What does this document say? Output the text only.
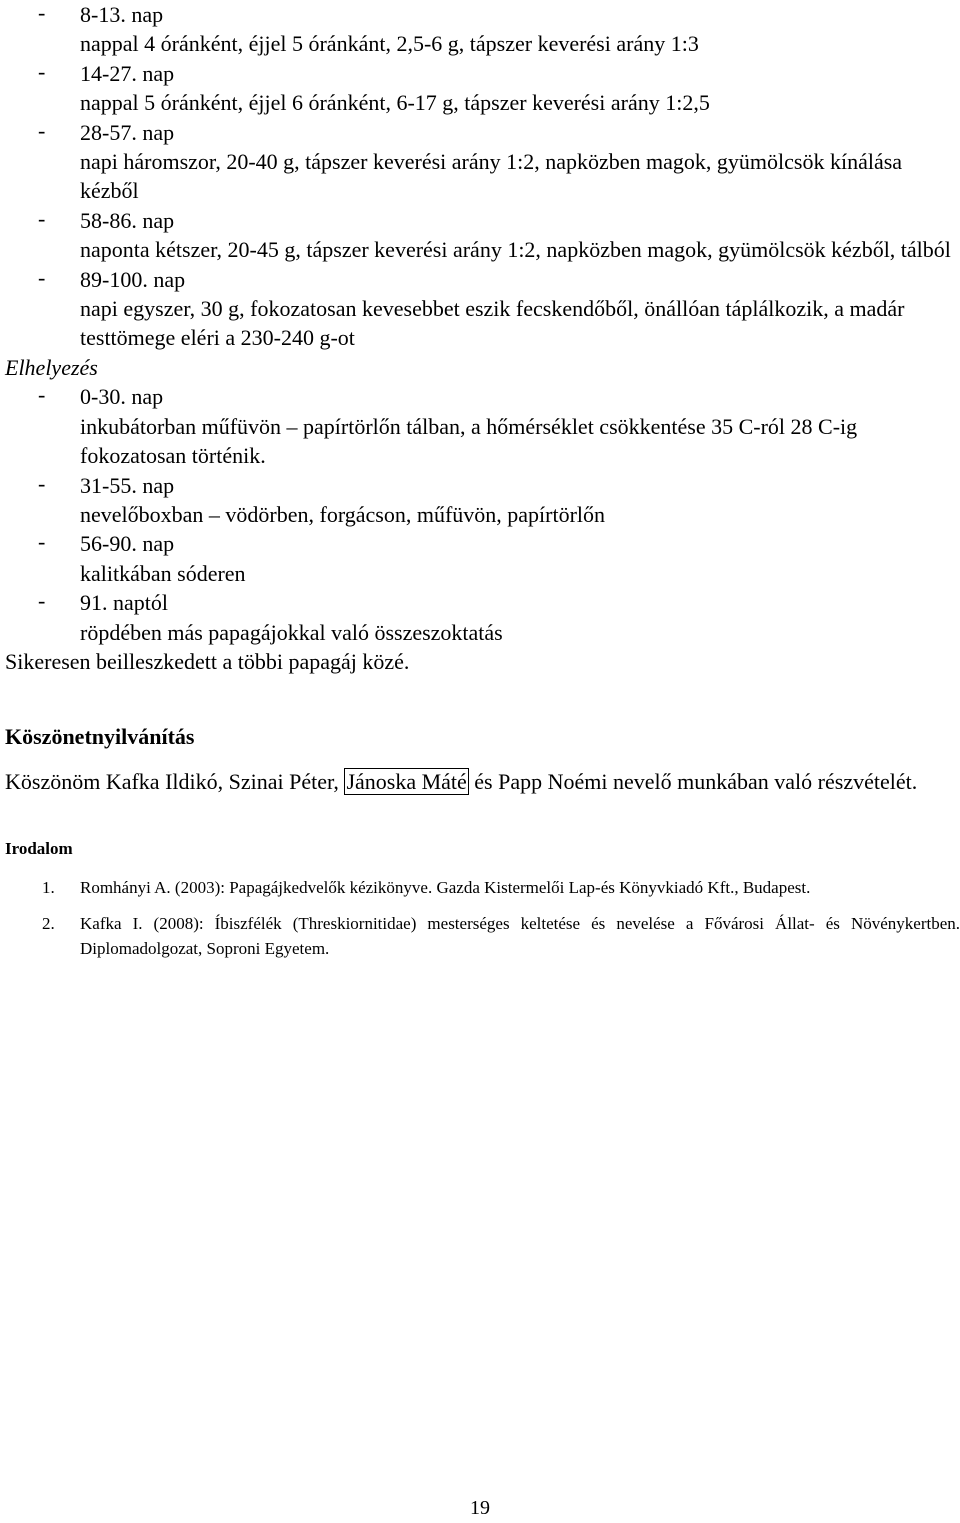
-	8-13. nap
nappal 4 óránként, éjjel 5 óránkánt, 2,5-6 g, tápszer keverési arány 1:3
-	14-27. nap
nappal 5 óránként, éjjel 6 óránként, 6-17 g, tápszer keverési arány 1:2,5
-	28-57. nap
napi háromszor, 20-40 g, tápszer keverési arány 1:2, napközben magok, gyümölcsök kínálása kézből
-	58-86. nap
naponta kétszer, 20-45 g, tápszer keverési arány 1:2, napközben magok, gyümölcsök kézből, tálból
-	89-100. nap
napi egyszer, 30 g, fokozatosan kevesebbet eszik fecskendőből, önállóan táplálkozik, a madár testtömege eléri a 230-240 g-ot
Elhelyezés
-	0-30. nap
inkubátorban műfüvön – papírtörlőn tálban, a hőmérséklet csökkentése 35 C-ról 28 C-ig fokozatosan történik.
-	31-55. nap
nevelőboxban – vödörben, forgácson, műfüvön, papírtörlőn
-	56-90. nap
kalitkában sóderen
-	91. naptól
röpdében más papagájokkal való összeszoktatás
Sikeresen beilleszkedett a többi papagáj közé.
Köszönetnyilvánítás
Köszönöm Kafka Ildikó, Szinai Péter, Jánoska Máté és Papp Noémi nevelő munkában való részvételét.
Irodalom
1. Romhányi A. (2003): Papagájkedvelők kézikönyve. Gazda Kistermelői Lap-és Könyvkiadó Kft., Budapest.
2. Kafka I. (2008): Íbiszfélék (Threskiornitidae) mesterséges keltetése és nevelése a Fővárosi Állat- és Növénykertben. Diplomadolgozat, Soproni Egyetem.
19
